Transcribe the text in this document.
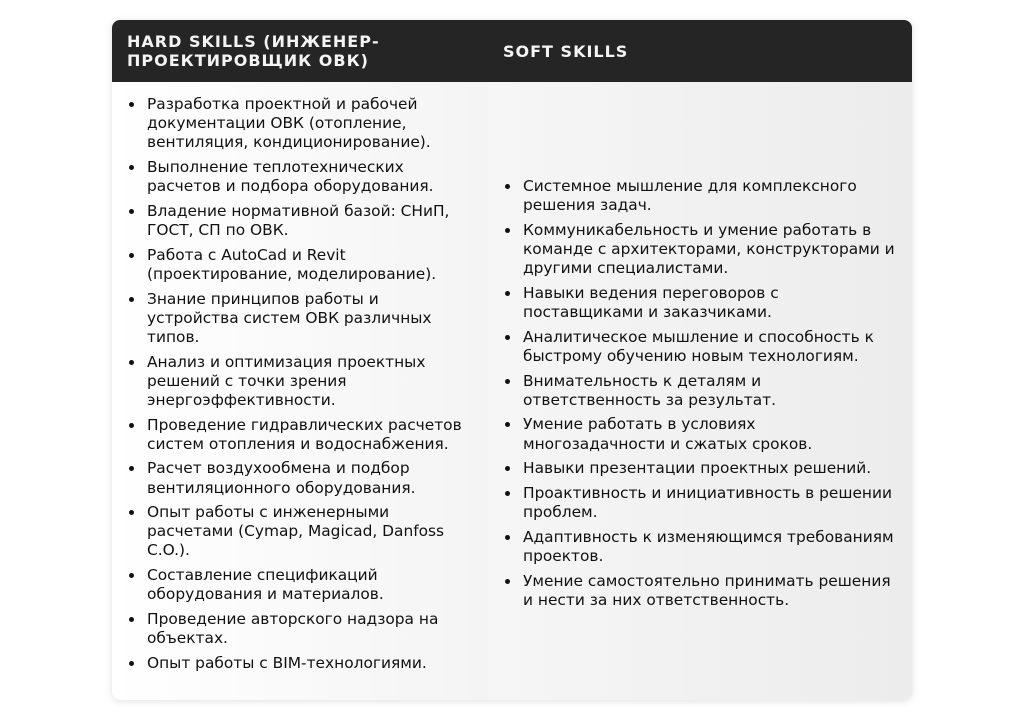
HARD SKILLS (ИНЖЕНЕР-ПРОЕКТИРОВЩИК ОВК)	SOFT SKILLS
Разработка проектной и рабочей документации ОВК (отопление, вентиляция, кондиционирование).
Выполнение теплотехнических расчетов и подбора оборудования.
Владение нормативной базой: СНиП, ГОСТ, СП по ОВК.
Работа с AutoCad и Revit (проектирование, моделирование).
Знание принципов работы и устройства систем ОВК различных типов.
Анализ и оптимизация проектных решений с точки зрения энергоэффективности.
Проведение гидравлических расчетов систем отопления и водоснабжения.
Расчет воздухообмена и подбор вентиляционного оборудования.
Опыт работы с инженерными расчетами (Cymap, Magicad, Danfoss C.O.).
Составление спецификаций оборудования и материалов.
Проведение авторского надзора на объектах.
Опыт работы с BIM-технологиями.
Системное мышление для комплексного решения задач.
Коммуникабельность и умение работать в команде с архитекторами, конструкторами и другими специалистами.
Навыки ведения переговоров с поставщиками и заказчиками.
Аналитическое мышление и способность к быстрому обучению новым технологиям.
Внимательность к деталям и ответственность за результат.
Умение работать в условиях многозадачности и сжатых сроков.
Навыки презентации проектных решений.
Проактивность и инициативность в решении проблем.
Адаптивность к изменяющимся требованиям проектов.
Умение самостоятельно принимать решения и нести за них ответственность.
